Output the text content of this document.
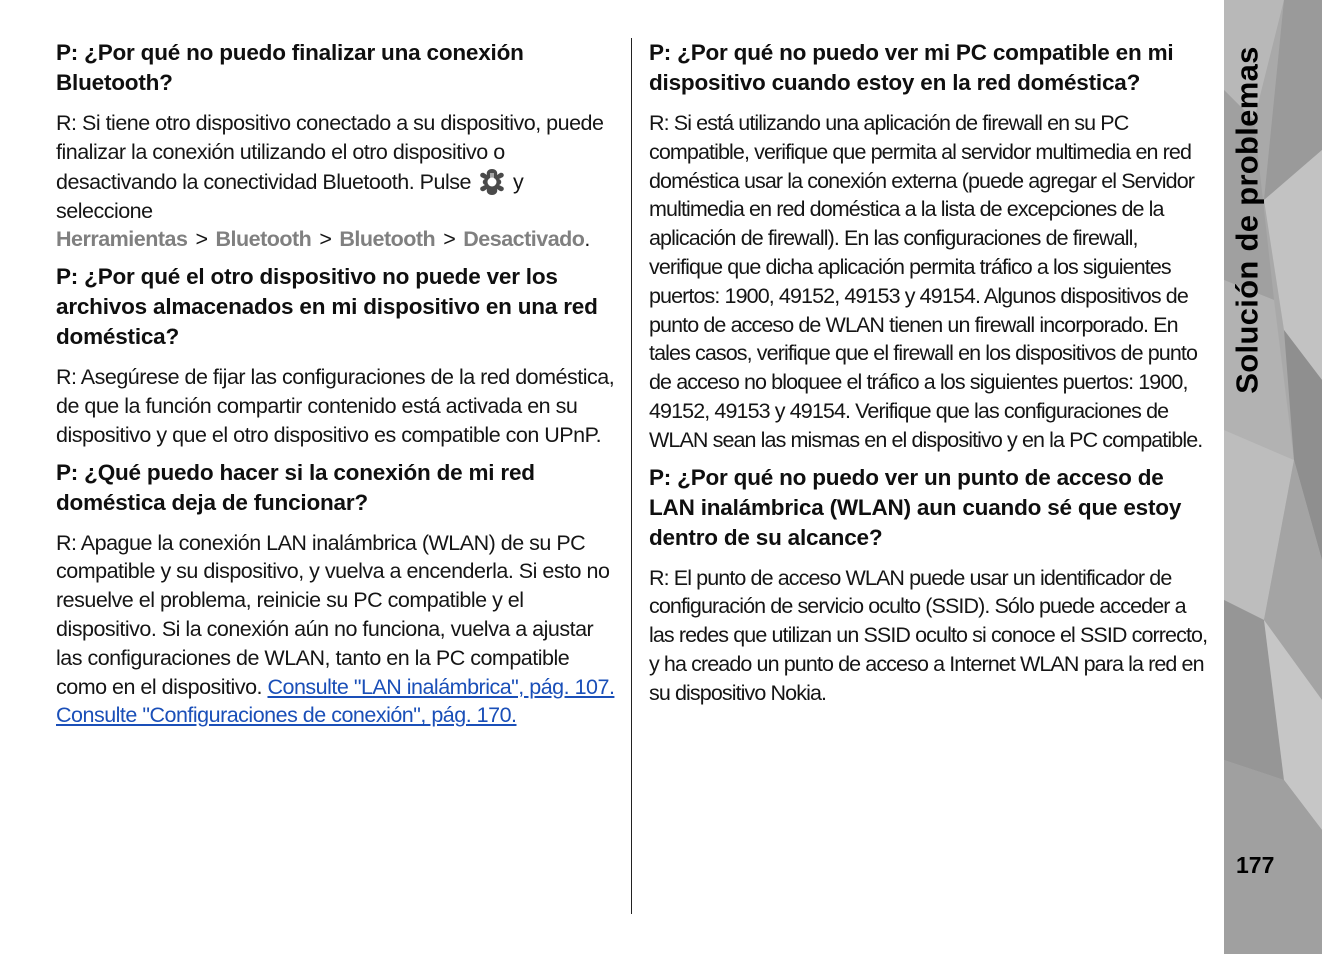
P: ¿Por qué no puedo finalizar una conexión Bluetooth?

R: Si tiene otro dispositivo conectado a su dispositivo, puede finalizar la conexión utilizando el otro dispositivo o desactivando la conectividad Bluetooth. Pulse y seleccione Herramientas > Bluetooth > Bluetooth > Desactivado.

P: ¿Por qué el otro dispositivo no puede ver los archivos almacenados en mi dispositivo en una red doméstica?

R: Asegúrese de fijar las configuraciones de la red doméstica, de que la función compartir contenido está activada en su dispositivo y que el otro dispositivo es compatible con UPnP.

P: ¿Qué puedo hacer si la conexión de mi red doméstica deja de funcionar?

R: Apague la conexión LAN inalámbrica (WLAN) de su PC compatible y su dispositivo, y vuelva a encenderla. Si esto no resuelve el problema, reinicie su PC compatible y el dispositivo. Si la conexión aún no funciona, vuelva a ajustar las configuraciones de WLAN, tanto en la PC compatible como en el dispositivo. Consulte "LAN inalámbrica", pág. 107. Consulte "Configuraciones de conexión", pág. 170.

P: ¿Por qué no puedo ver mi PC compatible en mi dispositivo cuando estoy en la red doméstica?

R: Si está utilizando una aplicación de firewall en su PC compatible, verifique que permita al servidor multimedia en red doméstica usar la conexión externa (puede agregar el Servidor multimedia en red doméstica a la lista de excepciones de la aplicación de firewall). En las configuraciones de firewall, verifique que dicha aplicación permita tráfico a los siguientes puertos: 1900, 49152, 49153 y 49154. Algunos dispositivos de punto de acceso de WLAN tienen un firewall incorporado. En tales casos, verifique que el firewall en los dispositivos de punto de acceso no bloquee el tráfico a los siguientes puertos: 1900, 49152, 49153 y 49154. Verifique que las configuraciones de WLAN sean las mismas en el dispositivo y en la PC compatible.

P: ¿Por qué no puedo ver un punto de acceso de LAN inalámbrica (WLAN) aun cuando sé que estoy dentro de su alcance?

R: El punto de acceso WLAN puede usar un identificador de configuración de servicio oculto (SSID). Sólo puede acceder a las redes que utilizan un SSID oculto si conoce el SSID correcto, y ha creado un punto de acceso a Internet WLAN para la red en su dispositivo Nokia.

Solución de problemas
177
